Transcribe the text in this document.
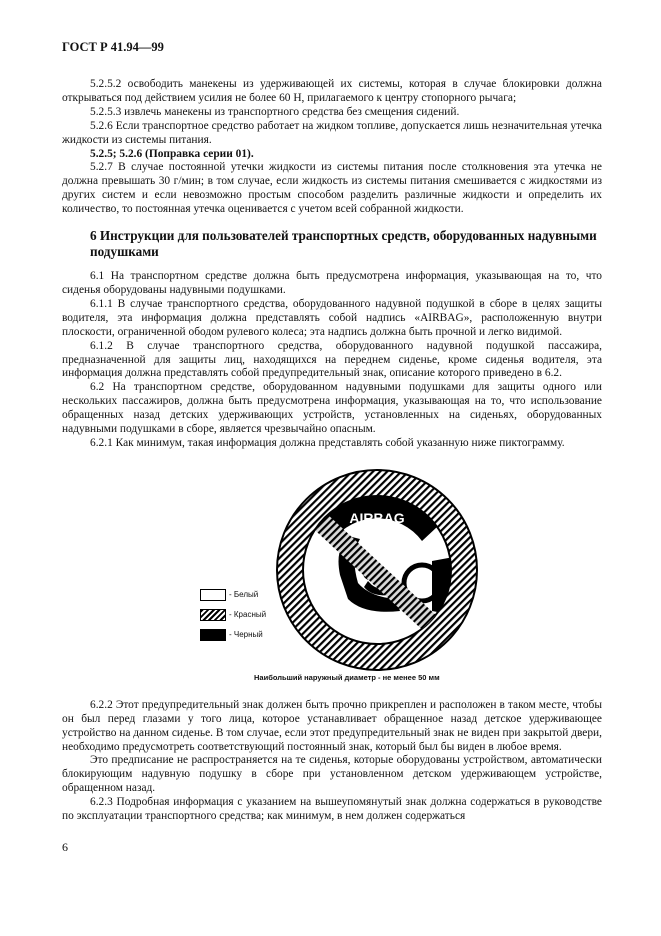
ГОСТ Р 41.94—99

5.2.5.2 освободить манекены из удерживающей их системы, которая в случае блокировки должна открываться под действием усилия не более 60 Н, прилагаемого к центру стопорного рычага;

5.2.5.3 извлечь манекены из транспортного средства без смещения сидений.

5.2.6 Если транспортное средство работает на жидком топливе, допускается лишь незначительная утечка жидкости из системы питания.

5.2.5; 5.2.6 (Поправка серии 01).

5.2.7 В случае постоянной утечки жидкости из системы питания после столкновения эта утечка не должна превышать 30 г/мин; в том случае, если жидкость из системы питания смешивается с жидкостями из других систем и если невозможно простым способом разделить различные жидкости и определить их количество, то постоянная утечка оценивается с учетом всей собранной жидкости.

6 Инструкции для пользователей транспортных средств, оборудованных надувными подушками

6.1 На транспортном средстве должна быть предусмотрена информация, указывающая на то, что сиденья оборудованы надувными подушками.

6.1.1 В случае транспортного средства, оборудованного надувной подушкой в сборе в целях защиты водителя, эта информация должна представлять собой надпись «AIRBAG», расположенную внутри плоскости, ограниченной ободом рулевого колеса; эта надпись должна быть прочной и легко видимой.

6.1.2 В случае транспортного средства, оборудованного надувной подушкой пассажира, предназначенной для защиты лиц, находящихся на переднем сиденье, кроме сиденья водителя, эта информация должна представлять собой предупредительный знак, описание которого приведено в 6.2.

6.2 На транспортном средстве, оборудованном надувными подушками для защиты одного или нескольких пассажиров, должна быть предусмотрена информация, указывающая на то, что использование обращенных назад детских удерживающих устройств, установленных на сиденьях, оборудованных надувными подушками в сборе, является чрезвычайно опасным.

6.2.1 Как минимум, такая информация должна представлять собой указанную ниже пиктограмму.

AIRBAG
- Белый
- Красный
- Черный
Наибольший наружный диаметр - не менее 50 мм

6.2.2 Этот предупредительный знак должен быть прочно прикреплен и расположен в таком месте, чтобы он был перед глазами у того лица, которое устанавливает обращенное назад детское удерживающее устройство на данном сиденье. В том случае, если этот предупредительный знак не виден при закрытой двери, необходимо предусмотреть соответствующий постоянный знак, который был бы виден в любое время.

Это предписание не распространяется на те сиденья, которые оборудованы устройством, автоматически блокирующим надувную подушку в сборе при установленном детском удерживающем устройстве, обращенном назад.

6.2.3 Подробная информация с указанием на вышеупомянутый знак должна содержаться в руководстве по эксплуатации транспортного средства; как минимум, в нем должен содержаться

6
